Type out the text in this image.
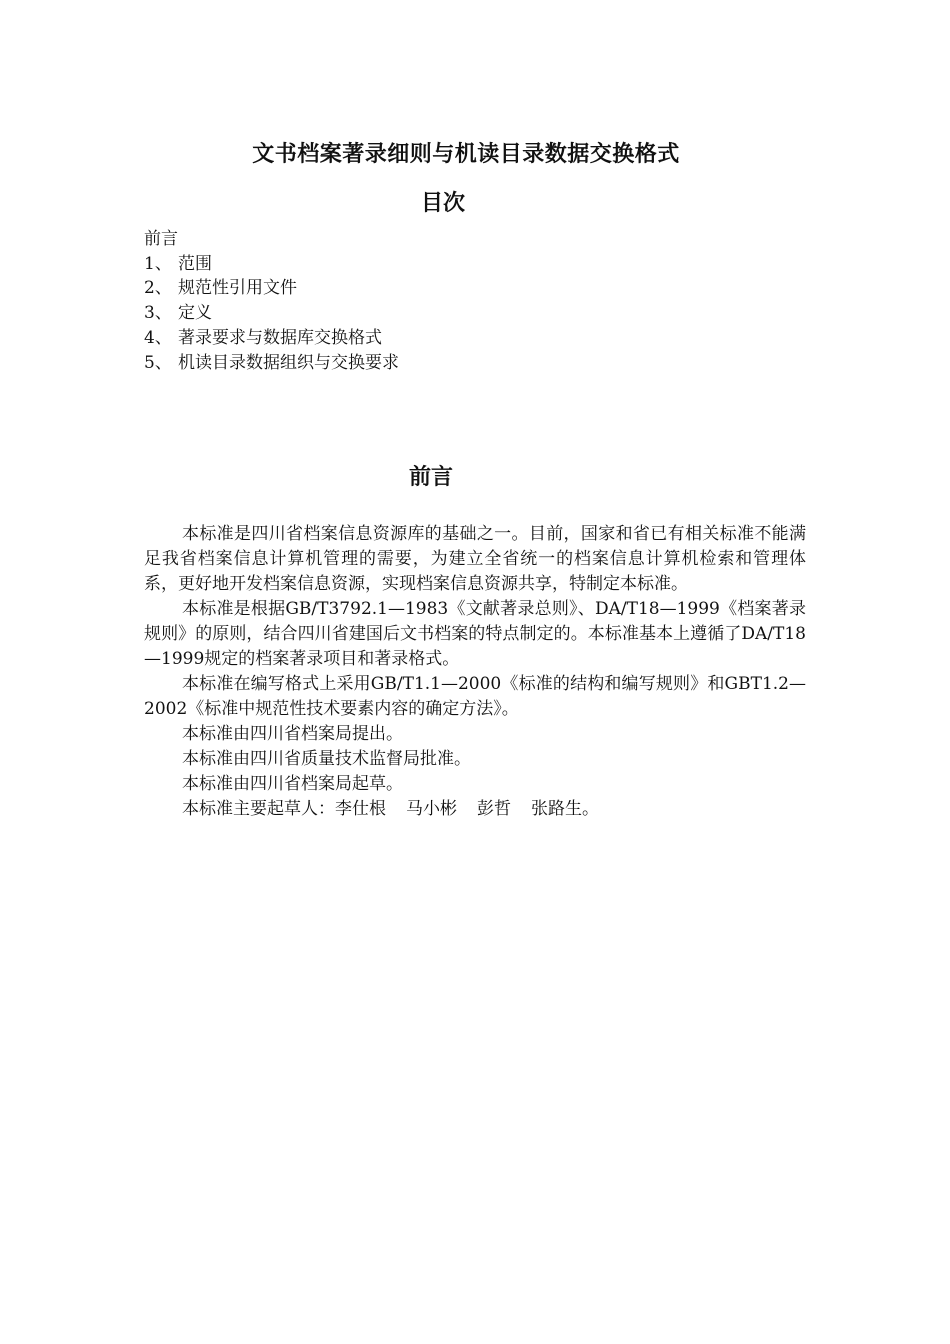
文书档案著录细则与机读目录数据交换格式
目次
前言
1、 范围
2、 规范性引用文件
3、 定义
4、 著录要求与数据库交换格式
5、 机读目录数据组织与交换要求
前言

本标准是四川省档案信息资源库的基础之一。目前，国家和省已有相关标准不能满足我省档案信息计算机管理的需要，为建立全省统一的档案信息计算机检索和管理体系，更好地开发档案信息资源，实现档案信息资源共享，特制定本标准。

本标准是根据GB/T3792.1—1983《文献著录总则》、DA/T18—1999《档案著录规则》的原则，结合四川省建国后文书档案的特点制定的。本标准基本上遵循了DA/T18—1999规定的档案著录项目和著录格式。

本标准在编写格式上采用GB/T1.1—2000《标准的结构和编写规则》和GBT1.2—2002《标准中规范性技术要素内容的确定方法》。

本标准由四川省档案局提出。

本标准由四川省质量技术监督局批准。

本标准由四川省档案局起草。

本标准主要起草人：李仕根 马小彬 彭哲 张路生。
